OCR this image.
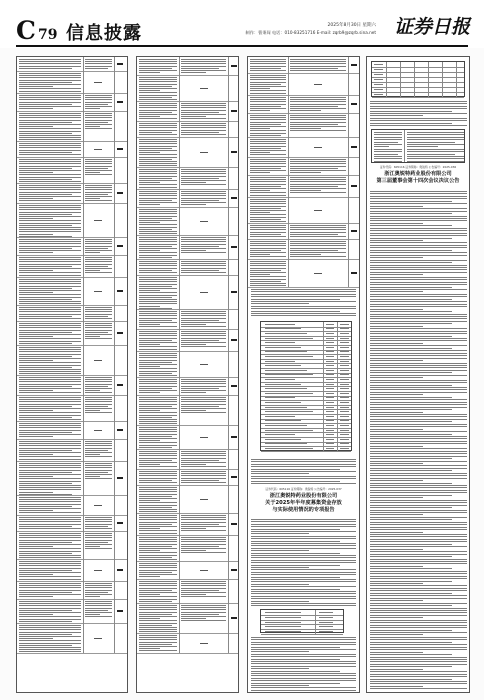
C 79 信息披露	2025年8月30日 星期六
制作：曹秉琛 电话：010-83251716 E-mail: zqrb9@zqrb.sina.net 证券日报
证券代码：605116 证券简称：奥锐特 公告编号：2025-037
浙江奥锐特药业股份有限公司
关于2025年半年度募集资金存放
与实际使用情况的专项报告
证券代码：605116 证券简称：奥锐特 公告编号：2025-036
浙江奥锐特药业股份有限公司
第三届董事会第十四次会议决议公告
